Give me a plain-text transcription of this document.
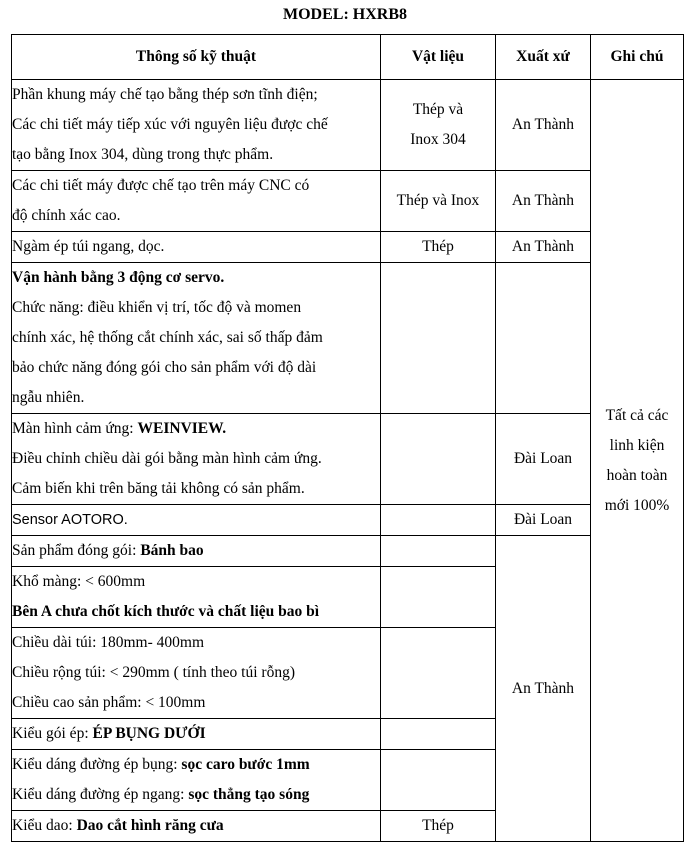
MODEL: HXRB8
Thông số kỹ thuật	Vật liệu	Xuất xứ	Ghi chú

Phần khung máy chế tạo bằng thép sơn tĩnh điện;
Các chi tiết máy tiếp xúc với nguyên liệu được chế
tạo bằng Inox 304, dùng trong thực phẩm.	Thép và
Inox 304	An Thành	Tất cả các
linh kiện
hoàn toàn
mới 100%

Các chi tiết máy được chế tạo trên máy CNC có
độ chính xác cao.	Thép và Inox	An Thành	

Ngàm ép túi ngang, dọc.	Thép	An Thành	

Vận hành bằng 3 động cơ servo.
Chức năng: điều khiển vị trí, tốc độ và momen
chính xác, hệ thống cắt chính xác, sai số thấp đảm
bảo chức năng đóng gói cho sản phẩm với độ dài
ngẫu nhiên.			

Màn hình cảm ứng: WEINVIEW.
Điều chỉnh chiều dài gói bằng màn hình cảm ứng.
Cảm biến khi trên băng tải không có sản phẩm.		Đài Loan	

Sensor AOTORO.		Đài Loan	

Sản phẩm đóng gói: Bánh bao		An Thành	

Khổ màng: < 600mm
Bên A chưa chốt kích thước và chất liệu bao bì			

Chiều dài túi: 180mm- 400mm
Chiều rộng túi: < 290mm ( tính theo túi rỗng)
Chiều cao sản phẩm: < 100mm			

Kiểu gói ép: ÉP BỤNG DƯỚI			

Kiểu dáng đường ép bụng: sọc caro bước 1mm
Kiểu dáng đường ép ngang: sọc thẳng tạo sóng			

Kiểu dao: Dao cắt hình răng cưa	Thép		
